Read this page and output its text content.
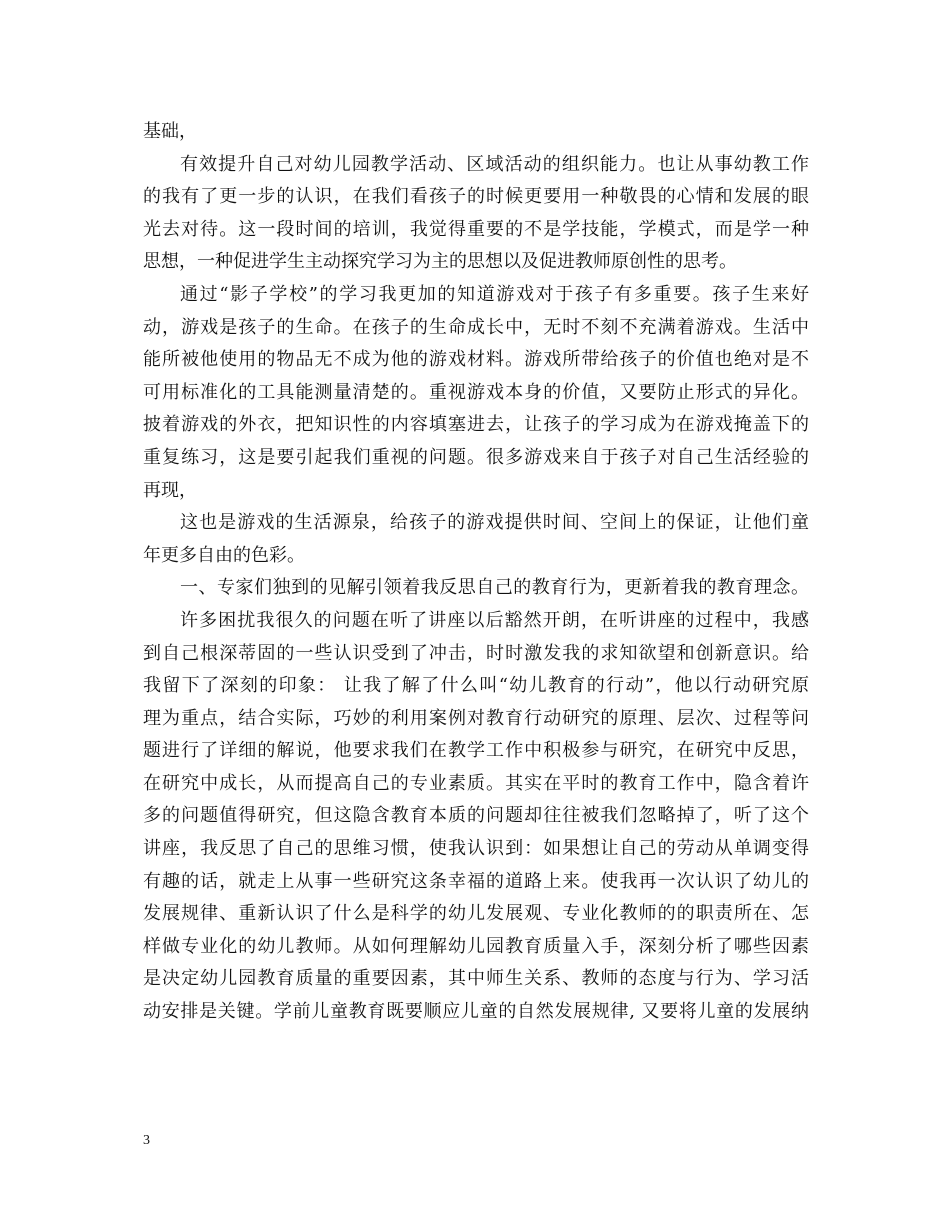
基础，
有效提升自己对幼儿园教学活动、区域活动的组织能力。也让从事幼教工作
的我有了更一步的认识，在我们看孩子的时候更要用一种敬畏的心情和发展的眼
光去对待。这一段时间的培训，我觉得重要的不是学技能，学模式，而是学一种
思想，一种促进学生主动探究学习为主的思想以及促进教师原创性的思考。
通过“影子学校”的学习我更加的知道游戏对于孩子有多重要。孩子生来好
动，游戏是孩子的生命。在孩子的生命成长中，无时不刻不充满着游戏。生活中
能所被他使用的物品无不成为他的游戏材料。游戏所带给孩子的价值也绝对是不
可用标准化的工具能测量清楚的。重视游戏本身的价值，又要防止形式的异化。
披着游戏的外衣，把知识性的内容填塞进去，让孩子的学习成为在游戏掩盖下的
重复练习，这是要引起我们重视的问题。很多游戏来自于孩子对自己生活经验的
再现，
这也是游戏的生活源泉，给孩子的游戏提供时间、空间上的保证，让他们童
年更多自由的色彩。
一、专家们独到的见解引领着我反思自己的教育行为，更新着我的教育理念。
许多困扰我很久的问题在听了讲座以后豁然开朗，在听讲座的过程中，我感
到自己根深蒂固的一些认识受到了冲击，时时激发我的求知欲望和创新意识。给
我留下了深刻的印象： 让我了解了什么叫“幼儿教育的行动”，他以行动研究原
理为重点，结合实际，巧妙的利用案例对教育行动研究的原理、层次、过程等问
题进行了详细的解说，他要求我们在教学工作中积极参与研究，在研究中反思，
在研究中成长，从而提高自己的专业素质。其实在平时的教育工作中，隐含着许
多的问题值得研究，但这隐含教育本质的问题却往往被我们忽略掉了，听了这个
讲座，我反思了自己的思维习惯，使我认识到：如果想让自己的劳动从单调变得
有趣的话，就走上从事一些研究这条幸福的道路上来。使我再一次认识了幼儿的
发展规律、重新认识了什么是科学的幼儿发展观、专业化教师的的职责所在、怎
样做专业化的幼儿教师。从如何理解幼儿园教育质量入手，深刻分析了哪些因素
是决定幼儿园教育质量的重要因素，其中师生关系、教师的态度与行为、学习活
动安排是关键。学前儿童教育既要顺应儿童的自然发展规律, 又要将儿童的发展纳
3
